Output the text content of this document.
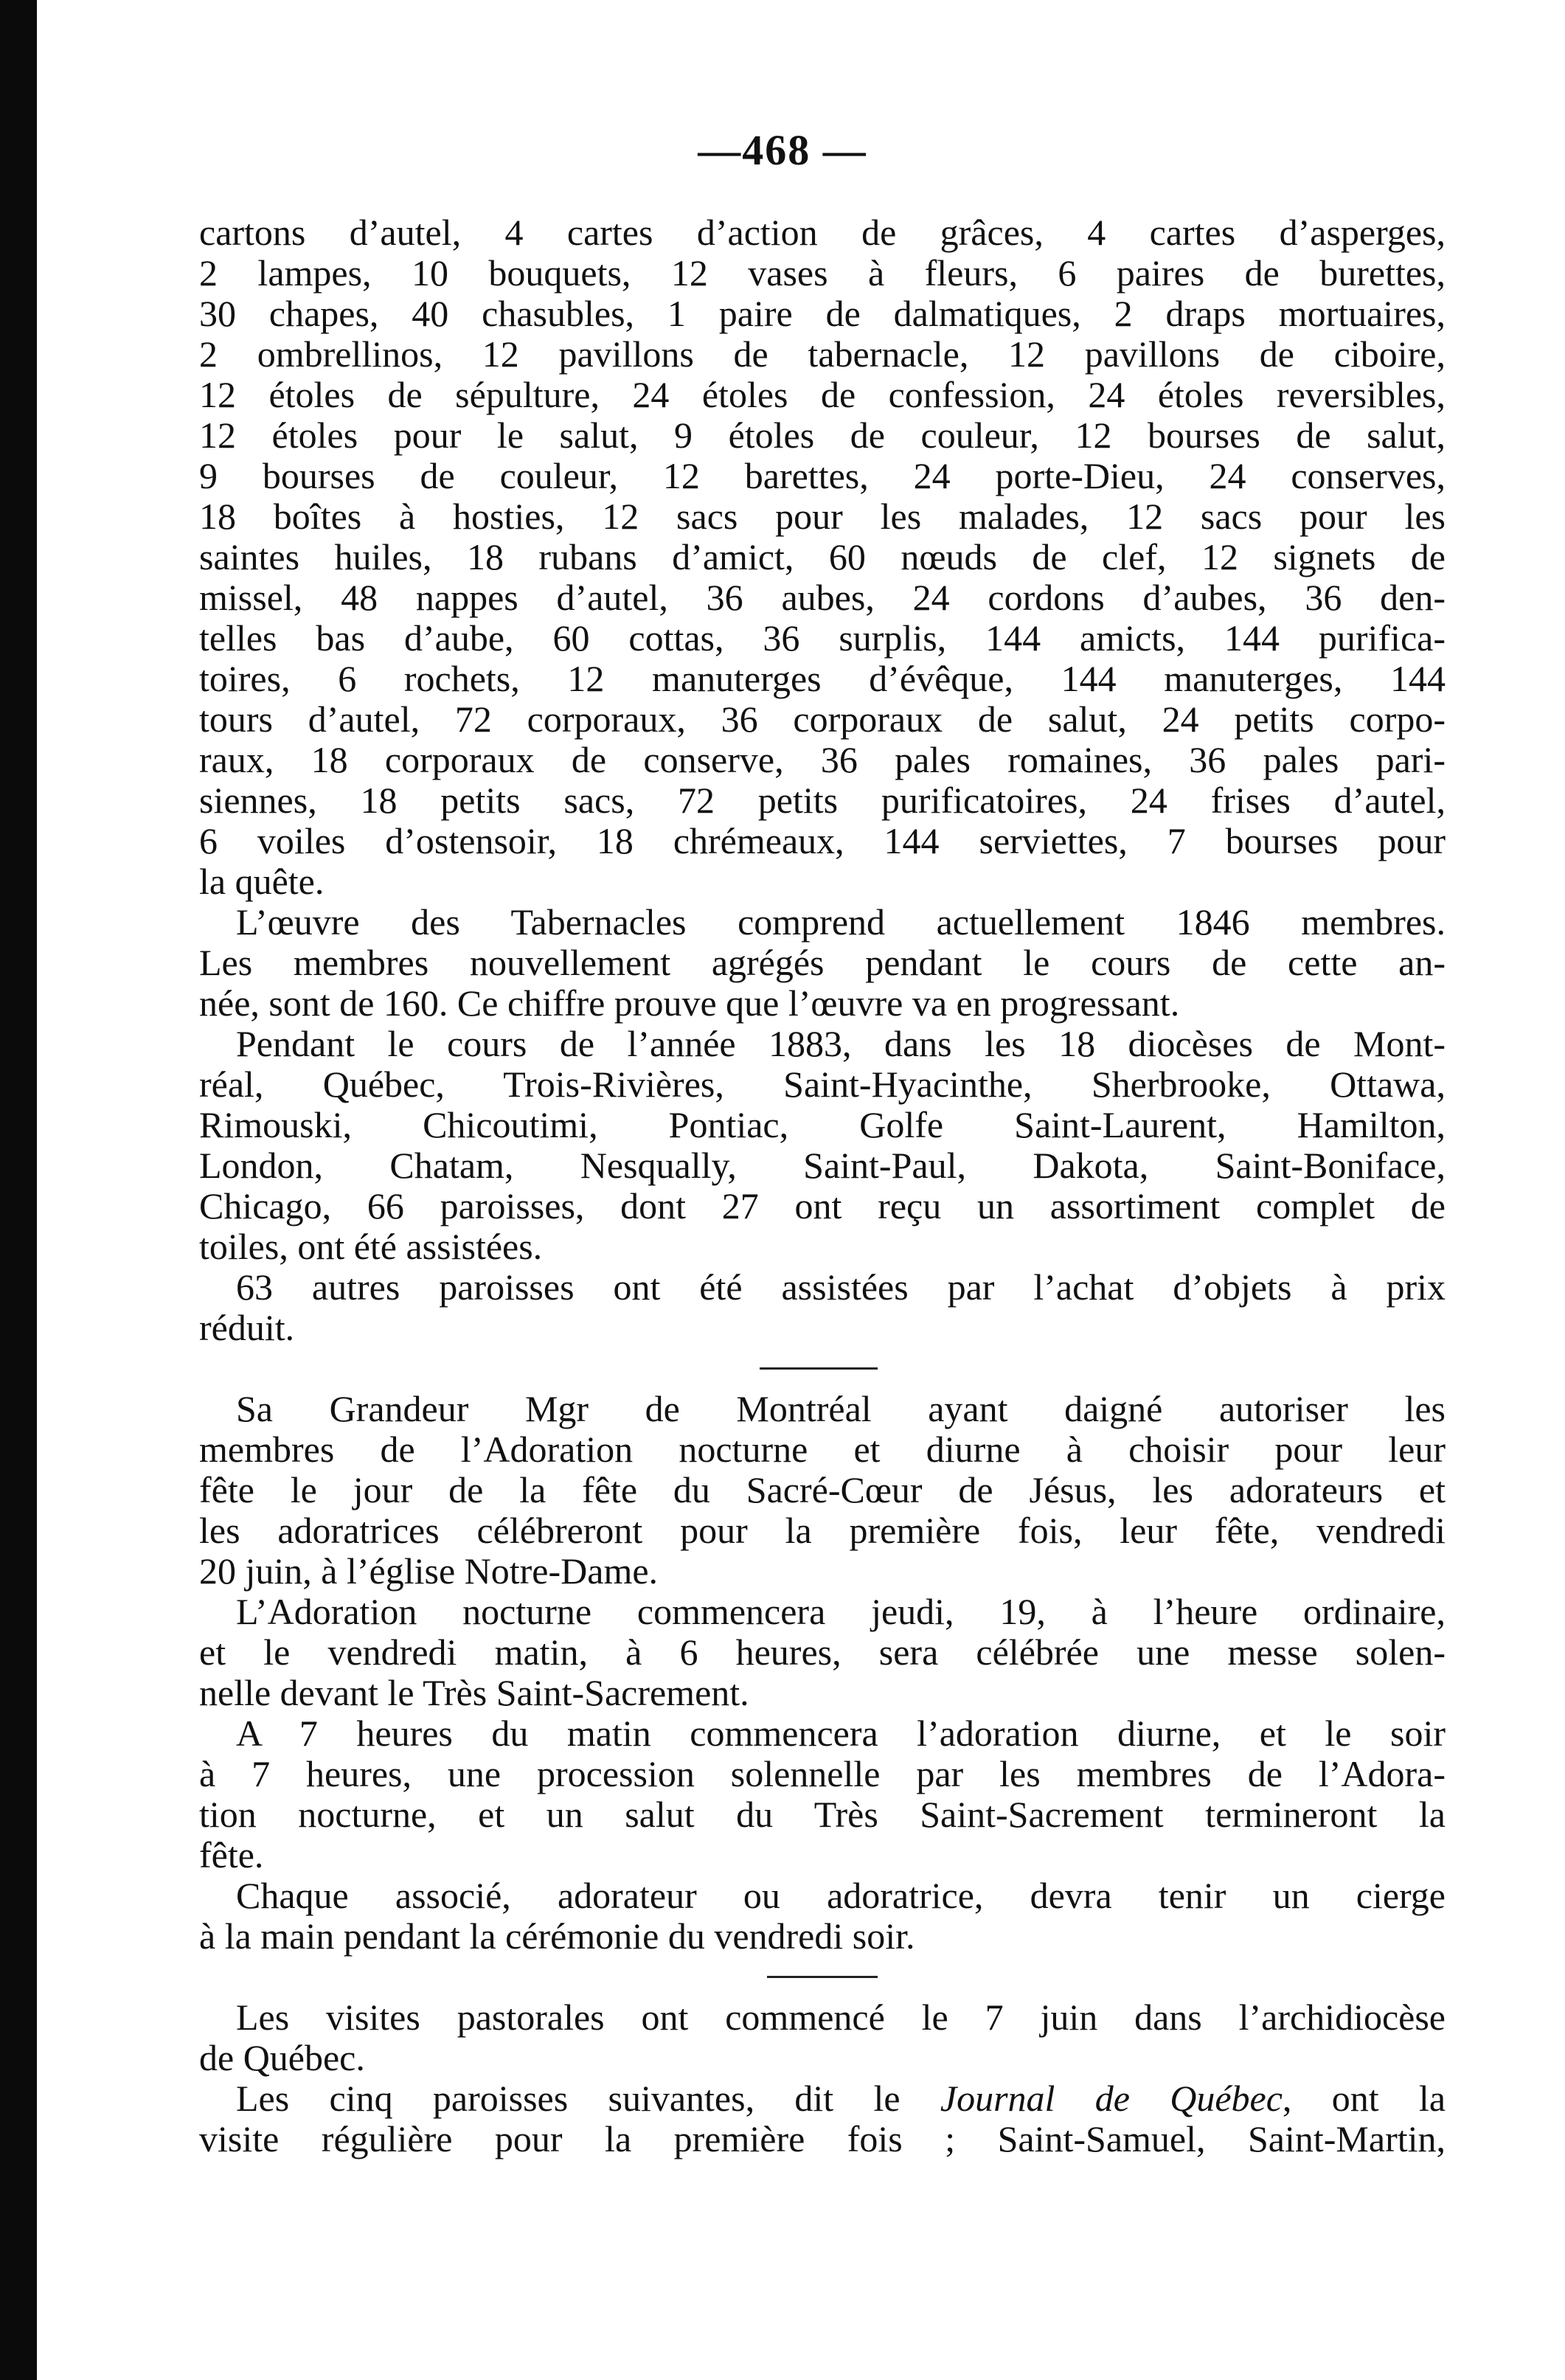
—468 —
cartons d’autel, 4 cartes d’action de grâces, 4 cartes d’asperges,
2 lampes, 10 bouquets, 12 vases à fleurs, 6 paires de burettes,
30 chapes, 40 chasubles, 1 paire de dalmatiques, 2 draps mortuaires,
2 ombrellinos, 12 pavillons de tabernacle, 12 pavillons de ciboire,
12 étoles de sépulture, 24 étoles de confession, 24 étoles reversibles,
12 étoles pour le salut, 9 étoles de couleur, 12 bourses de salut,
9 bourses de couleur, 12 barettes, 24 porte-Dieu, 24 conserves,
18 boîtes à hosties, 12 sacs pour les malades, 12 sacs pour les
saintes huiles, 18 rubans d’amict, 60 nœuds de clef, 12 signets de
missel, 48 nappes d’autel, 36 aubes, 24 cordons d’aubes, 36 den-
telles bas d’aube, 60 cottas, 36 surplis, 144 amicts, 144 purifica-
toires, 6 rochets, 12 manuterges d’évêque, 144 manuterges, 144
tours d’autel, 72 corporaux, 36 corporaux de salut, 24 petits corpo-
raux, 18 corporaux de conserve, 36 pales romaines, 36 pales pari-
siennes, 18 petits sacs, 72 petits purificatoires, 24 frises d’autel,
6 voiles d’ostensoir, 18 chrémeaux, 144 serviettes, 7 bourses pour
la quête.
L’œuvre des Tabernacles comprend actuellement 1846 membres.
Les membres nouvellement agrégés pendant le cours de cette an-
née, sont de 160. Ce chiffre prouve que l’œuvre va en progressant.
Pendant le cours de l’année 1883, dans les 18 diocèses de Mont-
réal, Québec, Trois-Rivières, Saint-Hyacinthe, Sherbrooke, Ottawa,
Rimouski, Chicoutimi, Pontiac, Golfe Saint-Laurent, Hamilton,
London, Chatam, Nesqually, Saint-Paul, Dakota, Saint-Boniface,
Chicago, 66 paroisses, dont 27 ont reçu un assortiment complet de
toiles, ont été assistées.
63 autres paroisses ont été assistées par l’achat d’objets à prix
réduit.
Sa Grandeur Mgr de Montréal ayant daigné autoriser les
membres de l’Adoration nocturne et diurne à choisir pour leur
fête le jour de la fête du Sacré-Cœur de Jésus, les adorateurs et
les adoratrices célébreront pour la première fois, leur fête, vendredi
20 juin, à l’église Notre-Dame.
L’Adoration nocturne commencera jeudi, 19, à l’heure ordinaire,
et le vendredi matin, à 6 heures, sera célébrée une messe solen-
nelle devant le Très Saint-Sacrement.
A 7 heures du matin commencera l’adoration diurne, et le soir
à 7 heures, une procession solennelle par les membres de l’Adora-
tion nocturne, et un salut du Très Saint-Sacrement termineront la
fête.
Chaque associé, adorateur ou adoratrice, devra tenir un cierge
à la main pendant la cérémonie du vendredi soir.
Les visites pastorales ont commencé le 7 juin dans l’archidiocèse
de Québec.
Les cinq paroisses suivantes, dit le Journal de Québec, ont la
visite régulière pour la première fois ; Saint-Samuel, Saint-Martin,
